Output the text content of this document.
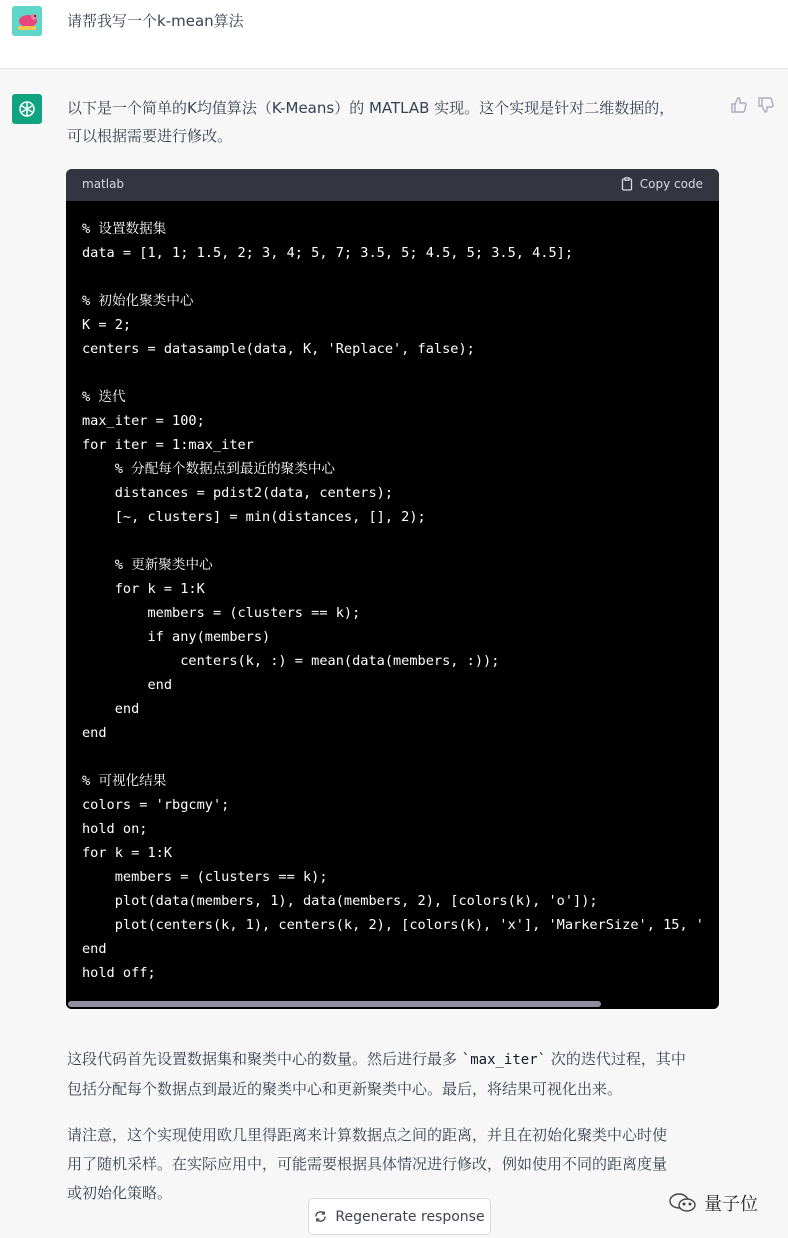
请帮我写一个k-mean算法
以下是一个简单的K均值算法（K-Means）的 MATLAB 实现。这个实现是针对二维数据的，
可以根据需要进行修改。
matlab	Copy code
% 设置数据集
data = [1, 1; 1.5, 2; 3, 4; 5, 7; 3.5, 5; 4.5, 5; 3.5, 4.5];
% 初始化聚类中心
K = 2;
centers = datasample(data, K, 'Replace', false);
% 迭代
max_iter = 100;
for iter = 1:max_iter
% 分配每个数据点到最近的聚类中心
distances = pdist2(data, centers);
[~, clusters] = min(distances, [], 2);
% 更新聚类中心
for k = 1:K
members = (clusters == k);
if any(members)
centers(k, :) = mean(data(members, :));
end
end
end
% 可视化结果
colors = 'rbgcmy';
hold on;
for k = 1:K
members = (clusters == k);
plot(data(members, 1), data(members, 2), [colors(k), 'o']);
plot(centers(k, 1), centers(k, 2), [colors(k), 'x'], 'MarkerSize', 15, '
end
hold off;
这段代码首先设置数据集和聚类中心的数量。然后进行最多 `max_iter` 次的迭代过程，其中
包括分配每个数据点到最近的聚类中心和更新聚类中心。最后，将结果可视化出来。
请注意，这个实现使用欧几里得距离来计算数据点之间的距离，并且在初始化聚类中心时使
用了随机采样。在实际应用中，可能需要根据具体情况进行修改，例如使用不同的距离度量
或初始化策略。
Regenerate response
量子位
